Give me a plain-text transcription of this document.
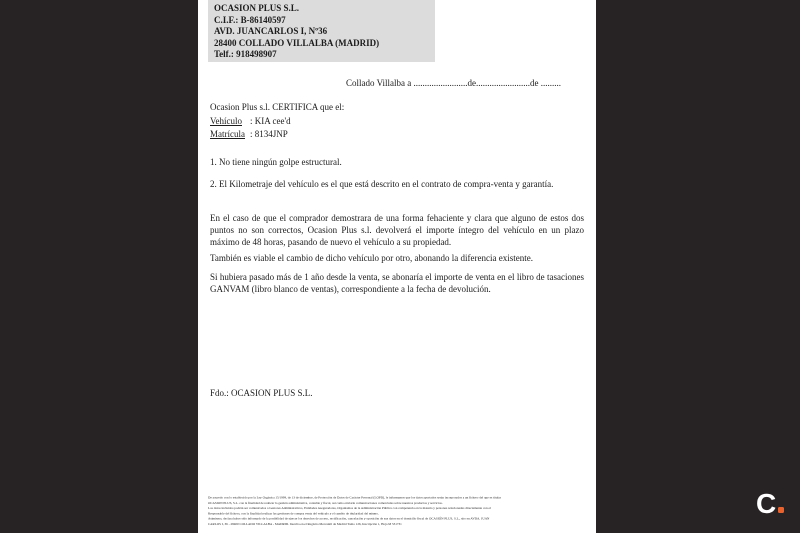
OCASION PLUS S.L.
C.I.F.: B-86140597
AVD. JUANCARLOS I, Nº36
28400 COLLADO VILLALBA (MADRID)
Telf.: 918498907
Collado Villalba a ........................de........................de .........
Ocasion Plus s.l. CERTIFICA que el:
Vehículo : KIA cee'd
Matrícula : 8134JNP
1. No tiene ningún golpe estructural.
2. El Kilometraje del vehículo es el que está descrito en el contrato de compra-venta y garantía.
En el caso de que el comprador demostrara de una forma fehaciente y clara que alguno de estos dos puntos no son correctos, Ocasion Plus s.l. devolverá el importe íntegro del vehículo en un plazo máximo de 48 horas, pasando de nuevo el vehículo a su propiedad.
También es viable el cambio de dicho vehículo por otro, abonando la diferencia existente.
Si hubiera pasado más de 1 año desde la venta, se abonaría el importe de venta en el libro de tasaciones GANVAM (libro blanco de ventas), correspondiente a la fecha de devolución.
Fdo.: OCASION PLUS S.L.
De acuerdo con lo establecido por la Ley Orgánica 15/1999, de 13 de diciembre, de Protección de Datos de Carácter Personal (LOPD), le informamos que los datos aportados serán incorporados a un fichero del que es titular
OCASION PLUS, S.L. con la finalidad de realizar la gestión administrativa, contable y fiscal, así como enviarle comunicaciones comerciales sobre nuestros productos y servicios.
Los datos incluidos podrán ser comunicados a Gestores Administrativos, Entidades Aseguradoras, Organismos de la Administración Pública con competencia en la materia y personas relacionadas directamente con el
Responsable del fichero, con la finalidad realizar las gestiones de compra venta del vehículo y el cambio de titularidad del mismo.
Asimismo, declara haber sido informado de la posibilidad de ejercer los derechos de acceso, rectificación, cancelación y oposición de sus datos en el domicilio fiscal de OCASIÓN PLUS, S.L., sito en AVDA. JUAN
CARLOS I, 36 - 28400 COLLADO VILLALBA - MADRID. Inscrita en el Registro Mercantil de Madrid Tomo 126, Inscripción 1, Hoja M 531731
C
